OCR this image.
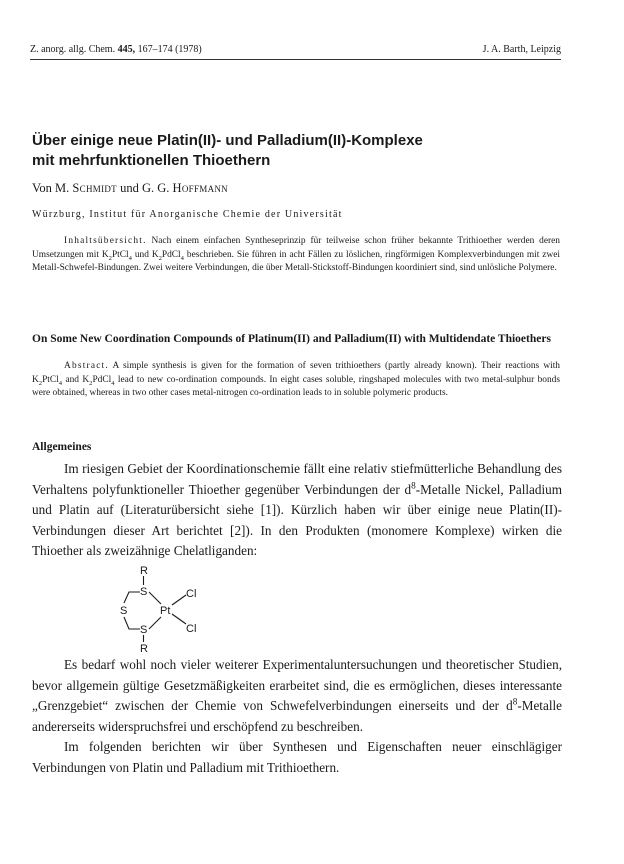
Z. anorg. allg. Chem. 445, 167–174 (1978)	J. A. Barth, Leipzig
Über einige neue Platin(II)- und Palladium(II)-Komplexe
mit mehrfunktionellen Thioethern
Von M. Schmidt und G. G. Hoffmann
Würzburg, Institut für Anorganische Chemie der Universität

Inhaltsübersicht. Nach einem einfachen Syntheseprinzip für teilweise schon früher bekannte Trithioether werden deren Umsetzungen mit $K_2PtCl_4$ und $K_2PdCl_4$ beschrieben. Sie führen in acht Fällen zu löslichen, ringförmigen Komplexverbindungen mit zwei Metall-Schwefel-Bindungen. Zwei weitere Verbindungen, die über Metall-Stickstoff-Bindungen koordiniert sind, sind unlösliche Polymere.

On Some New Coordination Compounds of Platinum(II) and Palladium(II) with Multidendate Thioethers

Abstract. A simple synthesis is given for the formation of seven trithioethers (partly already known). Their reactions with $K_2PtCl_4$ and $K_2PdCl_4$ lead to new co-ordination compounds. In eight cases soluble, ringshaped molecules with two metal-sulphur bonds were obtained, whereas in two other cases metal-nitrogen co-ordination leads to in soluble polymeric products.

Allgemeines

Im riesigen Gebiet der Koordinationschemie fällt eine relativ stiefmütterliche Behandlung des Verhaltens polyfunktioneller Thioether gegenüber Verbindungen der $d^8$-Metalle Nickel, Palladium und Platin auf (Literaturübersicht siehe [1]). Kürzlich haben wir über einige neue Platin(II)-Verbindungen dieser Art berichtet [2]). In den Produkten (monomere Komplexe) wirken die Thioether als zweizähnige Chelatliganden:

R
S
S	Pt
Cl
Cl
S
R

Es bedarf wohl noch vieler weiterer Experimentaluntersuchungen und theoretischer Studien, bevor allgemein gültige Gesetzmäßigkeiten erarbeitet sind, die es ermöglichen, dieses interessante „Grenzgebiet“ zwischen der Chemie von Schwefelverbindungen einerseits und der $d^8$-Metalle andererseits widerspruchsfrei und erschöpfend zu beschreiben.

Im folgenden berichten wir über Synthesen und Eigenschaften neuer einschlägiger Verbindungen von Platin und Palladium mit Trithioethern.
